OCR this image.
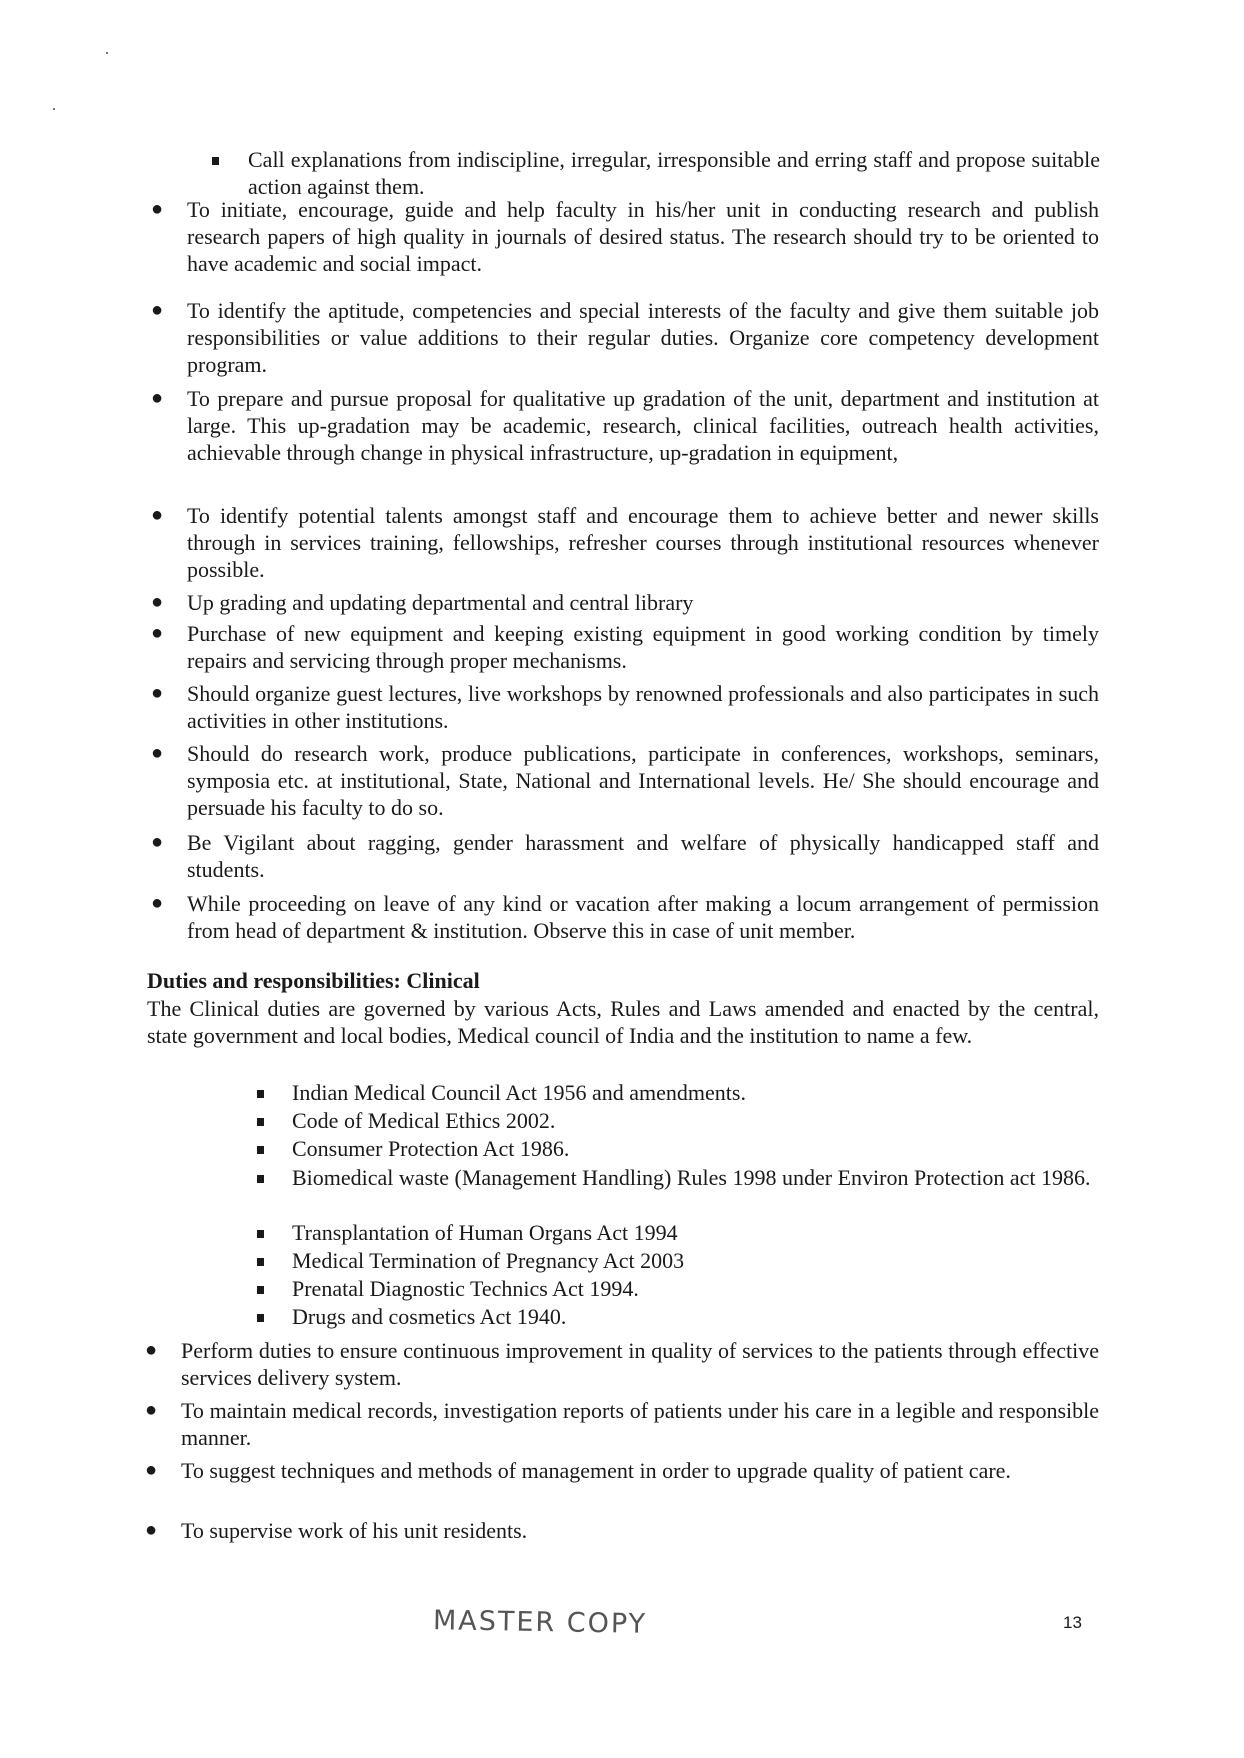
Call explanations from indiscipline, irregular, irresponsible and erring staff and propose suitable action against them.

● To initiate, encourage, guide and help faculty in his/her unit in conducting research and publish research papers of high quality in journals of desired status. The research should try to be oriented to have academic and social impact.

● To identify the aptitude, competencies and special interests of the faculty and give them suitable job responsibilities or value additions to their regular duties. Organize core competency development program.

● To prepare and pursue proposal for qualitative up gradation of the unit, department and institution at large. This up-gradation may be academic, research, clinical facilities, outreach health activities, achievable through change in physical infrastructure, up-gradation in equipment,

● To identify potential talents amongst staff and encourage them to achieve better and newer skills through in services training, fellowships, refresher courses through institutional resources whenever possible.

● Up grading and updating departmental and central library

● Purchase of new equipment and keeping existing equipment in good working condition by timely repairs and servicing through proper mechanisms.

● Should organize guest lectures, live workshops by renowned professionals and also participates in such activities in other institutions.

● Should do research work, produce publications, participate in conferences, workshops, seminars, symposia etc. at institutional, State, National and International levels. He/ She should encourage and persuade his faculty to do so.

● Be Vigilant about ragging, gender harassment and welfare of physically handicapped staff and students.

● While proceeding on leave of any kind or vacation after making a locum arrangement of permission from head of department & institution. Observe this in case of unit member.

Duties and responsibilities: Clinical

The Clinical duties are governed by various Acts, Rules and Laws amended and enacted by the central, state government and local bodies, Medical council of India and the institution to name a few.

Indian Medical Council Act 1956 and amendments.

Code of Medical Ethics 2002.

Consumer Protection Act 1986.

Biomedical waste (Management Handling) Rules 1998 under Environ Protection act 1986.

Transplantation of Human Organs Act 1994

Medical Termination of Pregnancy Act 2003

Prenatal Diagnostic Technics Act 1994.

Drugs and cosmetics Act 1940.

● Perform duties to ensure continuous improvement in quality of services to the patients through effective services delivery system.

● To maintain medical records, investigation reports of patients under his care in a legible and responsible manner.

● To suggest techniques and methods of management in order to upgrade quality of patient care.

● To supervise work of his unit residents.

MASTER COPY	13
